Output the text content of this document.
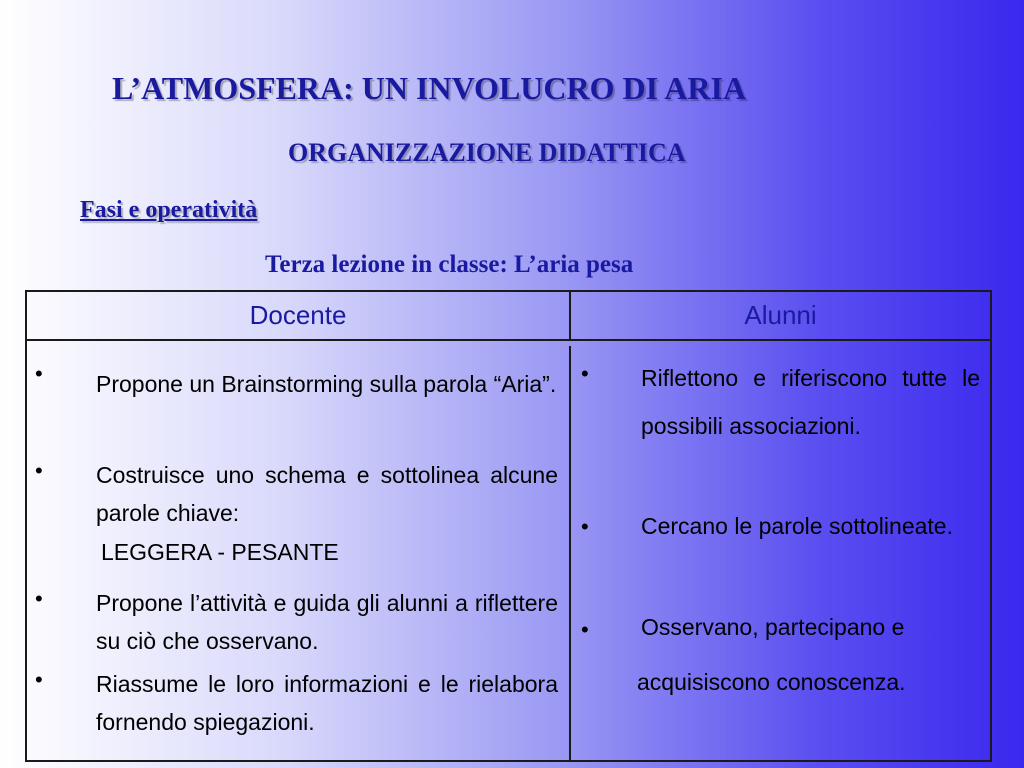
L’ATMOSFERA: UN INVOLUCRO DI ARIA
ORGANIZZAZIONE DIDATTICA
Fasi e operatività
Terza lezione in classe: L’aria pesa
Docente	Alunni
• Propone un Brainstorming sulla parola “Aria”.
• Costruisce uno schema e sottolinea alcune parole chiave:
LEGGERA - PESANTE
• Propone l’attività e guida gli alunni a riflettere su ciò che osservano.
• Riassume le loro informazioni e le rielabora fornendo spiegazioni.
• Riflettono e riferiscono tutte le possibili associazioni.
• Cercano le parole sottolineate.
• Osservano, partecipano e
acquisiscono conoscenza.
